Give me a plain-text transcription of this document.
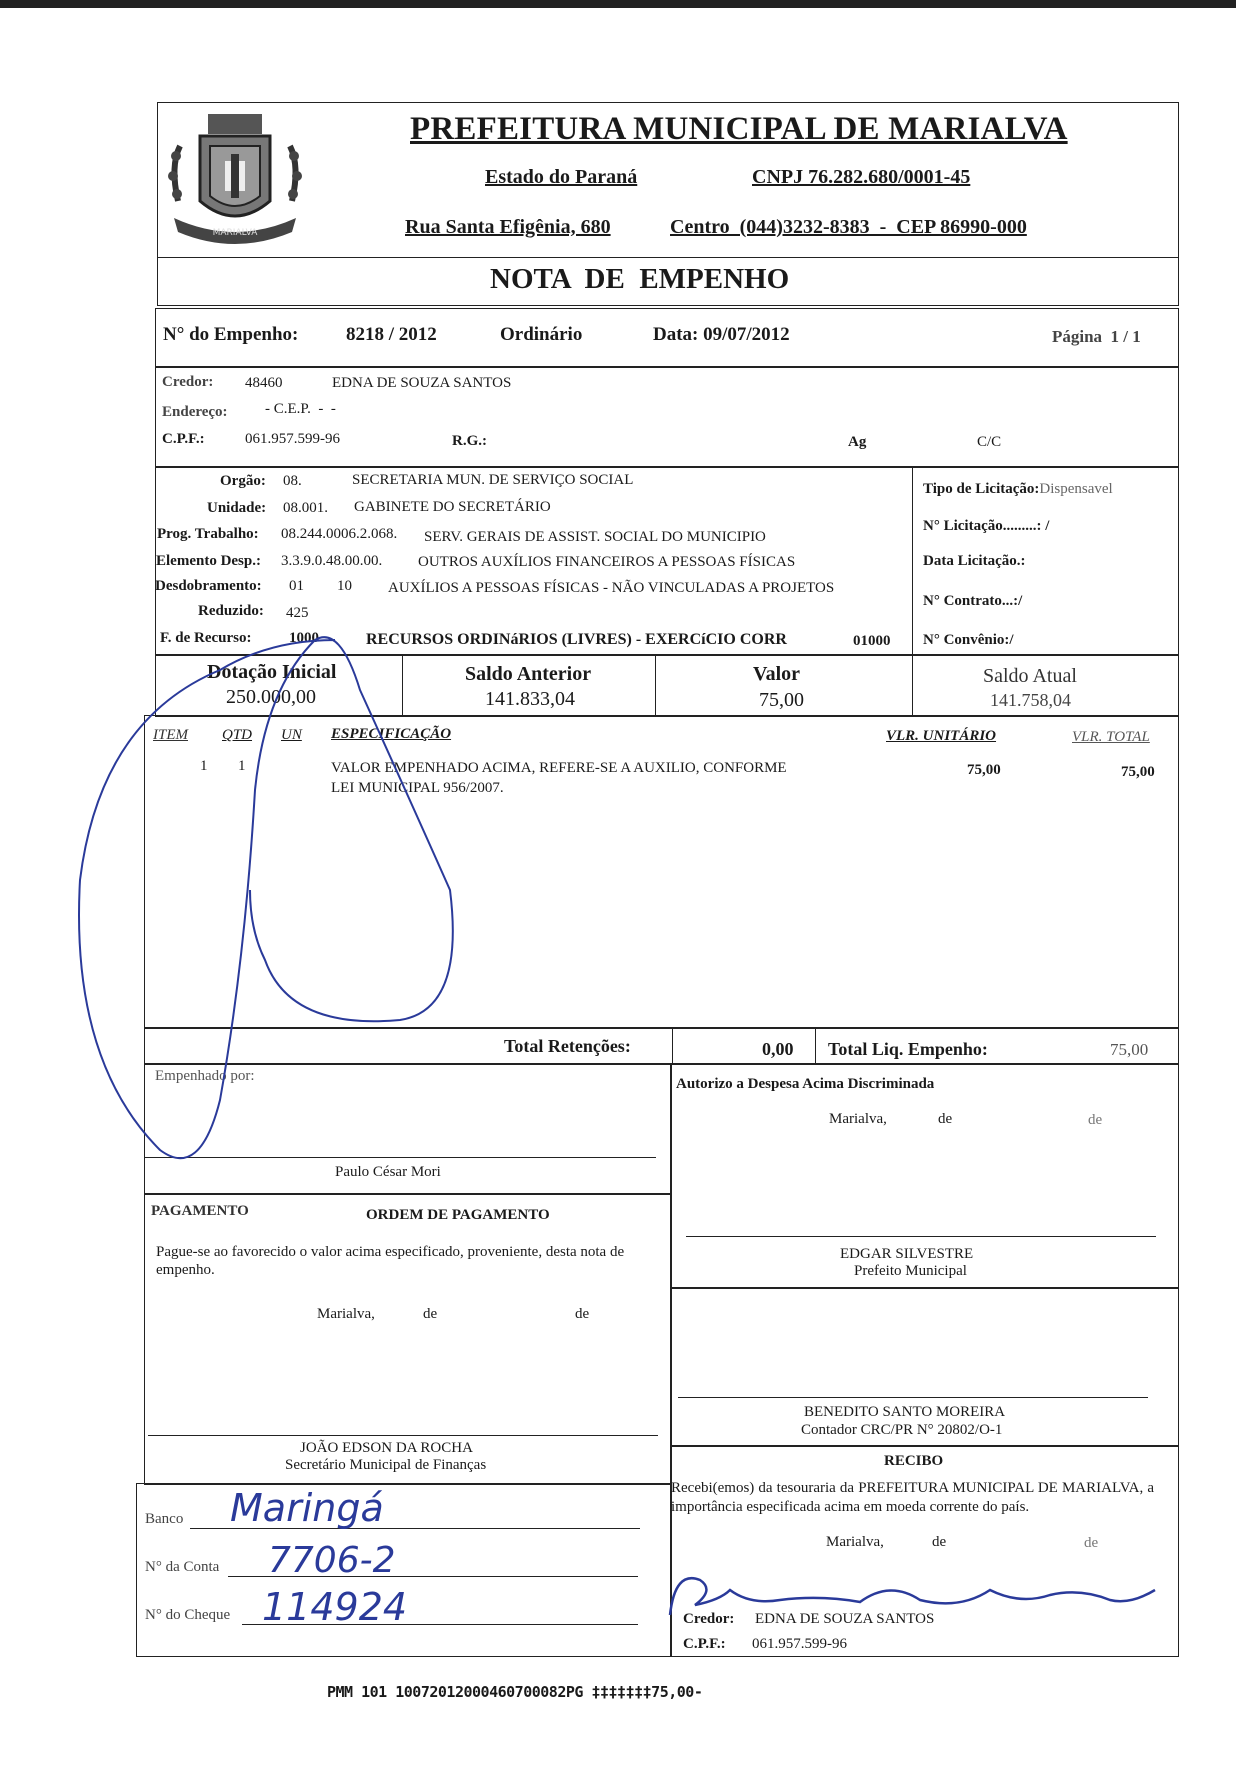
MARIALVA
PREFEITURA MUNICIPAL DE MARIALVA
Estado do Paraná	CNPJ 76.282.680/0001-45
Rua Santa Efigênia, 680	Centro  (044)3232-8383  -  CEP 86990-000
NOTA  DE  EMPENHO
N° do Empenho:	8218 / 2012	Ordinário	Data: 09/07/2012	Página  1 / 1
Credor: 48460	EDNA DE SOUZA SANTOS
Endereço: - C.E.P.  -  -
C.P.F.:	061.957.599-96	R.G.:	Ag	C/C
Orgão: 08.	SECRETARIA MUN. DE SERVIÇO SOCIAL
Unidade: 08.001. GABINETE DO SECRETÁRIO
Prog. Trabalho: 08.244.0006.2.068. SERV. GERAIS DE ASSIST. SOCIAL DO MUNICIPIO
Elemento Desp.: 3.3.9.0.48.00.00. OUTROS AUXÍLIOS FINANCEIROS A PESSOAS FÍSICAS
Desdobramento: 01 10 AUXÍLIOS A PESSOAS FÍSICAS - NÃO VINCULADAS A PROJETOS
Reduzido: 425
F. de Recurso: 1000	RECURSOS ORDINáRIOS (LIVRES) - EXERCíCIO CORR	01000
Tipo de Licitação:Dispensavel
N° Licitação.........: /
Data Licitação.:
N° Contrato...:/
N° Convênio:/
Dotação Inicial
250.000,00
Saldo Anterior
141.833,04
Valor
75,00
Saldo Atual
141.758,04
ITEM QTD UN ESPECIFICAÇÃO	VLR. UNITÁRIO	VLR. TOTAL
1 1	VALOR EMPENHADO ACIMA, REFERE-SE A AUXILIO, CONFORME
LEI MUNICIPAL 956/2007.
75,00	75,00
Total Retenções:	0,00 Total Liq. Empenho:	75,00
Empenhado por:
Paulo César Mori
PAGAMENTO	ORDEM DE PAGAMENTO
Pague-se ao favorecido o valor acima especificado, proveniente, desta nota de empenho.
Marialva,	de	de
JOÃO EDSON DA ROCHA
Secretário Municipal de Finanças
Banco Maringá
N° da Conta 7706-2
N° do Cheque 114924
Autorizo a Despesa Acima Discriminada
Marialva,	de	de
EDGAR SILVESTRE
Prefeito Municipal
BENEDITO SANTO MOREIRA
Contador CRC/PR N° 20802/O-1
RECIBO
Recebi(emos) da tesouraria da PREFEITURA MUNICIPAL DE MARIALVA, a importância especificada acima em moeda corrente do país.
Marialva,	de	de
Credor: EDNA DE SOUZA SANTOS
C.P.F.: 061.957.599-96
PMM 101 10072012000460700082PG ‡‡‡‡‡‡‡75,00-
